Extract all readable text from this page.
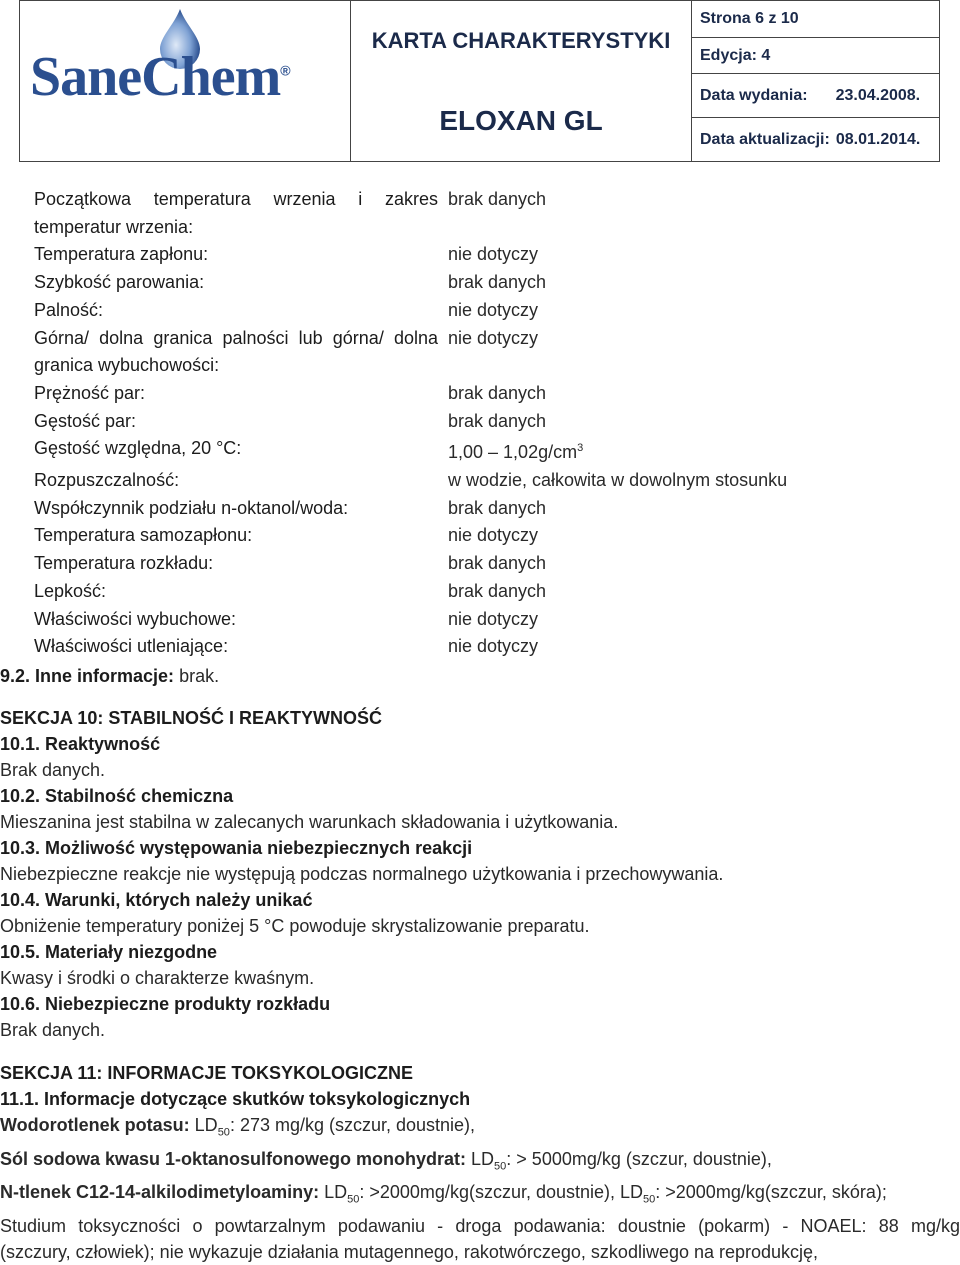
SaneChem®
KARTA CHARAKTERYSTYKI
ELOXAN GL
Strona 6 z 10
Edycja: 4
Data wydania: 23.04.2008.
Data aktualizacji: 08.01.2014.
Początkowa temperatura wrzenia i zakres temperatur wrzenia:
brak danych
Temperatura zapłonu:	nie dotyczy
Szybkość parowania:	brak danych
Palność:	nie dotyczy
Górna/ dolna granica palności lub górna/ dolna granica wybuchowości:
nie dotyczy
Prężność par:	brak danych
Gęstość par:	brak danych
Gęstość względna, 20 °C:	$1,00 - 1,02g/cm^3$
Rozpuszczalność:	w wodzie, całkowita w dowolnym stosunku
Współczynnik podziału n-oktanol/woda:	brak danych
Temperatura samozapłonu:	nie dotyczy
Temperatura rozkładu:	brak danych
Lepkość:	brak danych
Właściwości wybuchowe:	nie dotyczy
Właściwości utleniające:	nie dotyczy
9.2. Inne informacje: brak.
SEKCJA 10: STABILNOŚĆ I REAKTYWNOŚĆ
10.1. Reaktywność
Brak danych.
10.2. Stabilność chemiczna
Mieszanina jest stabilna w zalecanych warunkach składowania i użytkowania.
10.3. Możliwość występowania niebezpiecznych reakcji
Niebezpieczne reakcje nie występują podczas normalnego użytkowania i przechowywania.
10.4. Warunki, których należy unikać
Obniżenie temperatury poniżej 5 °C powoduje skrystalizowanie preparatu.
10.5. Materiały niezgodne
Kwasy i środki o charakterze kwaśnym.
10.6. Niebezpieczne produkty rozkładu
Brak danych.
SEKCJA 11: INFORMACJE TOKSYKOLOGICZNE
11.1. Informacje dotyczące skutków toksykologicznych
Wodorotlenek potasu: $LD_{50}$: 273 mg/kg (szczur, doustnie),
Sól sodowa kwasu 1-oktanosulfonowego monohydrat: $LD_{50}$: > 5000mg/kg (szczur, doustnie),
N-tlenek C12-14-alkilodimetyloaminy: $LD_{50}$: >2000mg/kg(szczur, doustnie), $LD_{50}$: >2000mg/kg(szczur, skóra);
Studium toksyczności o powtarzalnym podawaniu - droga podawania: doustnie (pokarm) - NOAEL: 88 mg/kg
(szczury, człowiek); nie wykazuje działania mutagennego, rakotwórczego, szkodliwego na reprodukcję,
